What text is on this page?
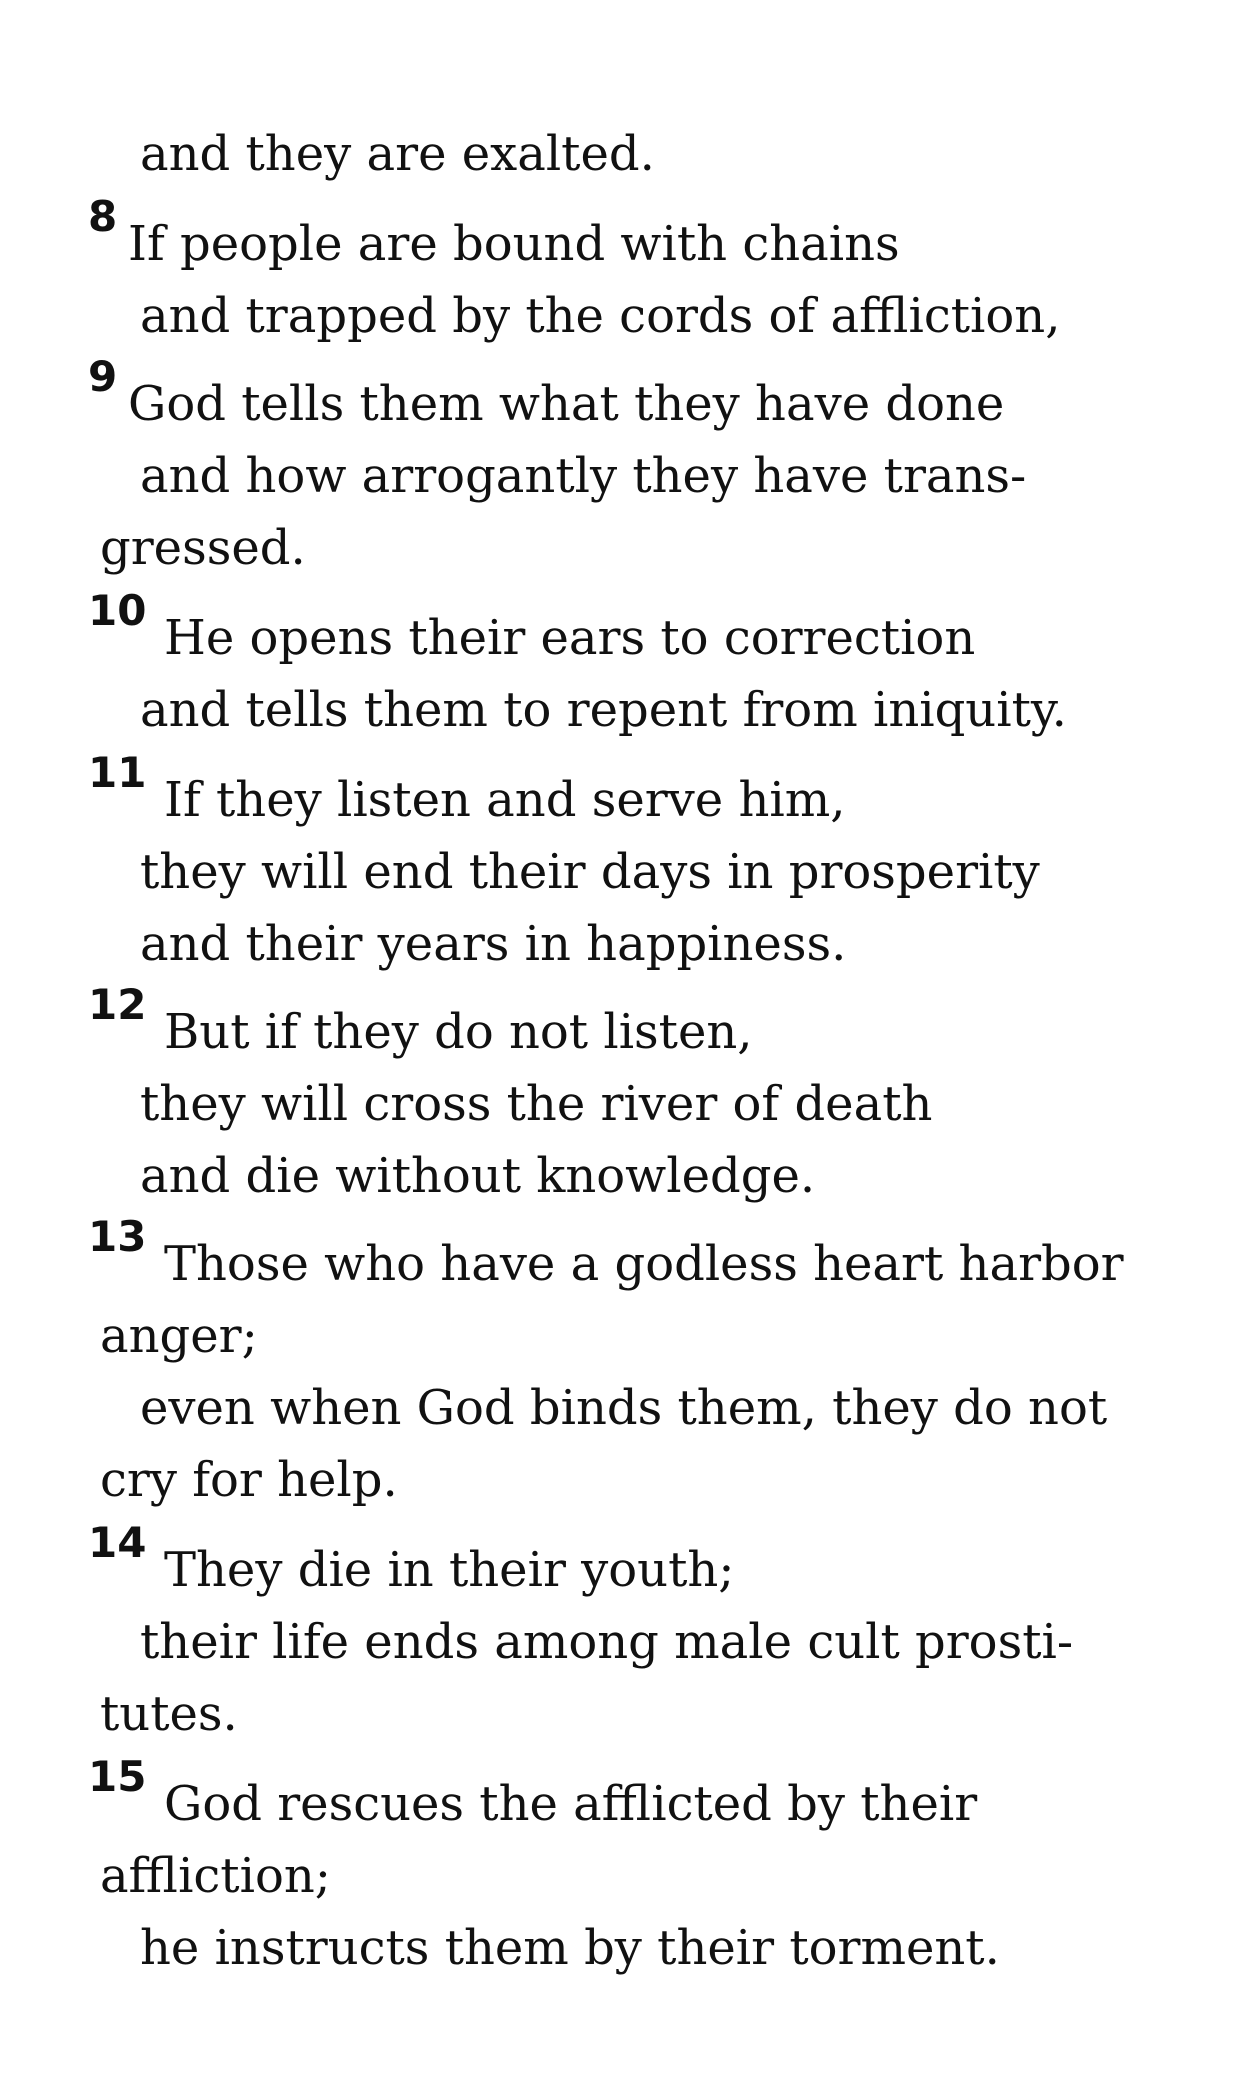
and they are exalted.
8 If people are bound with chains
and trapped by the cords of affliction,
9 God tells them what they have done
and how arrogantly they have trans-
gressed.
10 He opens their ears to correction
and tells them to repent from iniquity.
11 If they listen and serve him,
they will end their days in prosperity
and their years in happiness.
12 But if they do not listen,
they will cross the river of death
and die without knowledge.
13 Those who have a godless heart harbor
anger;
even when God binds them, they do not
cry for help.
14 They die in their youth;
their life ends among male cult prosti-
tutes.
15 God rescues the afflicted by their
affliction;
he instructs them by their torment.
